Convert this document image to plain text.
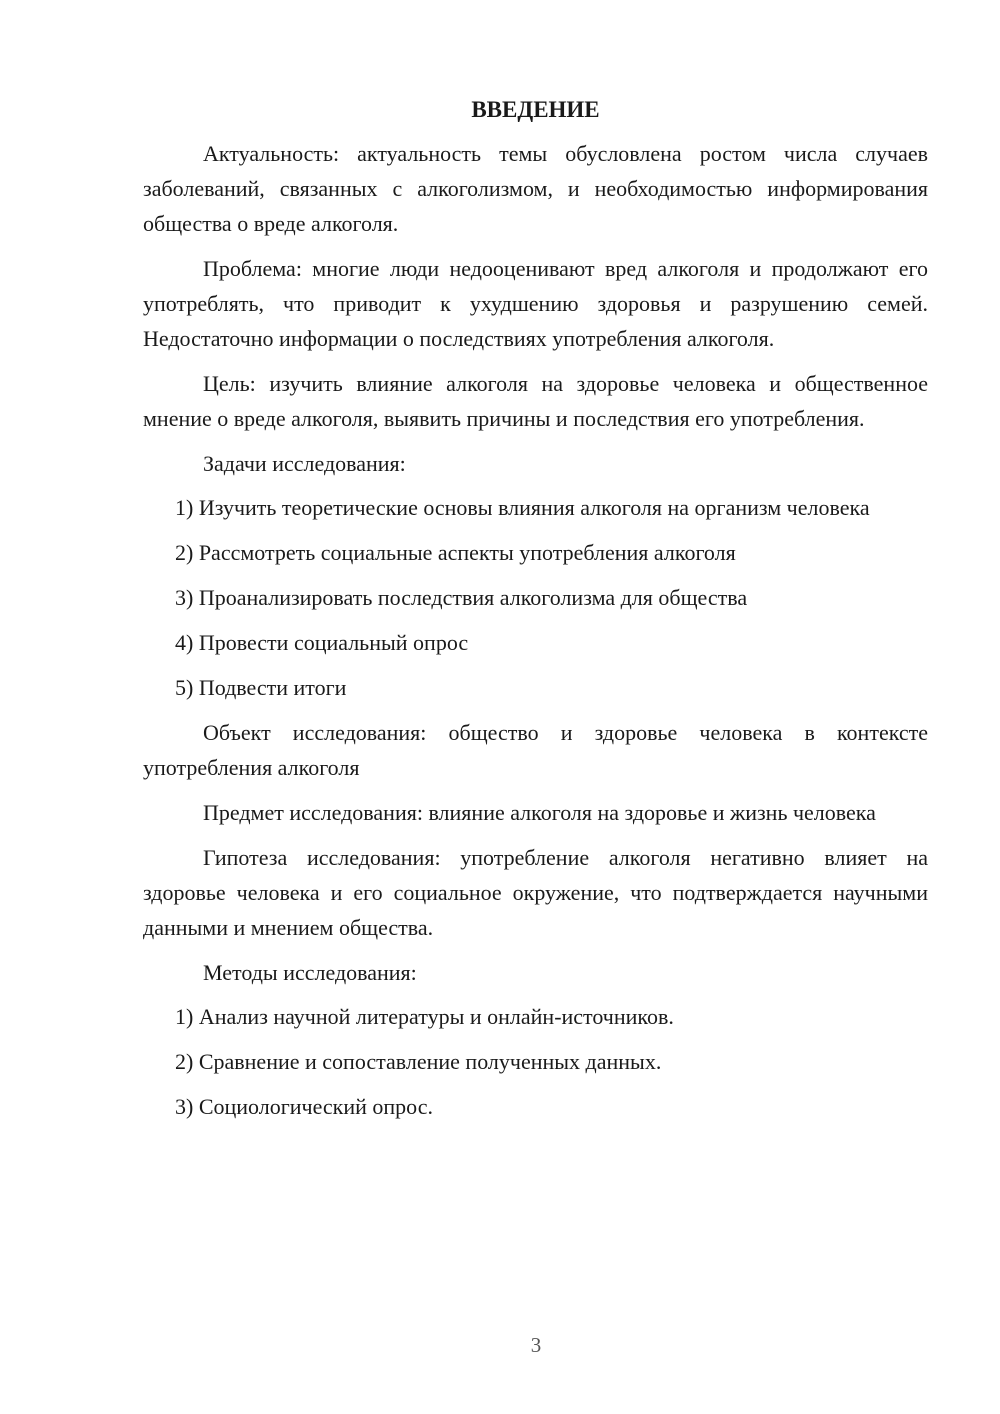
ВВЕДЕНИЕ

Актуальность: актуальность темы обусловлена ростом числа случаев заболеваний, связанных с алкоголизмом, и необходимостью информирования общества о вреде алкоголя.

Проблема: многие люди недооценивают вред алкоголя и продолжают его употреблять, что приводит к ухудшению здоровья и разрушению семей. Недостаточно информации о последствиях употребления алкоголя.

Цель: изучить влияние алкоголя на здоровье человека и общественное мнение о вреде алкоголя, выявить причины и последствия его употребления.

Задачи исследования:

1) Изучить теоретические основы влияния алкоголя на организм человека

2) Рассмотреть социальные аспекты употребления алкоголя

3) Проанализировать последствия алкоголизма для общества

4) Провести социальный опрос

5) Подвести итоги

Объект исследования: общество и здоровье человека в контексте употребления алкоголя

Предмет исследования: влияние алкоголя на здоровье и жизнь человека

Гипотеза исследования: употребление алкоголя негативно влияет на здоровье человека и его социальное окружение, что подтверждается научными данными и мнением общества.

Методы исследования:

1) Анализ научной литературы и онлайн-источников.

2) Сравнение и сопоставление полученных данных.

3) Социологический опрос.

3
